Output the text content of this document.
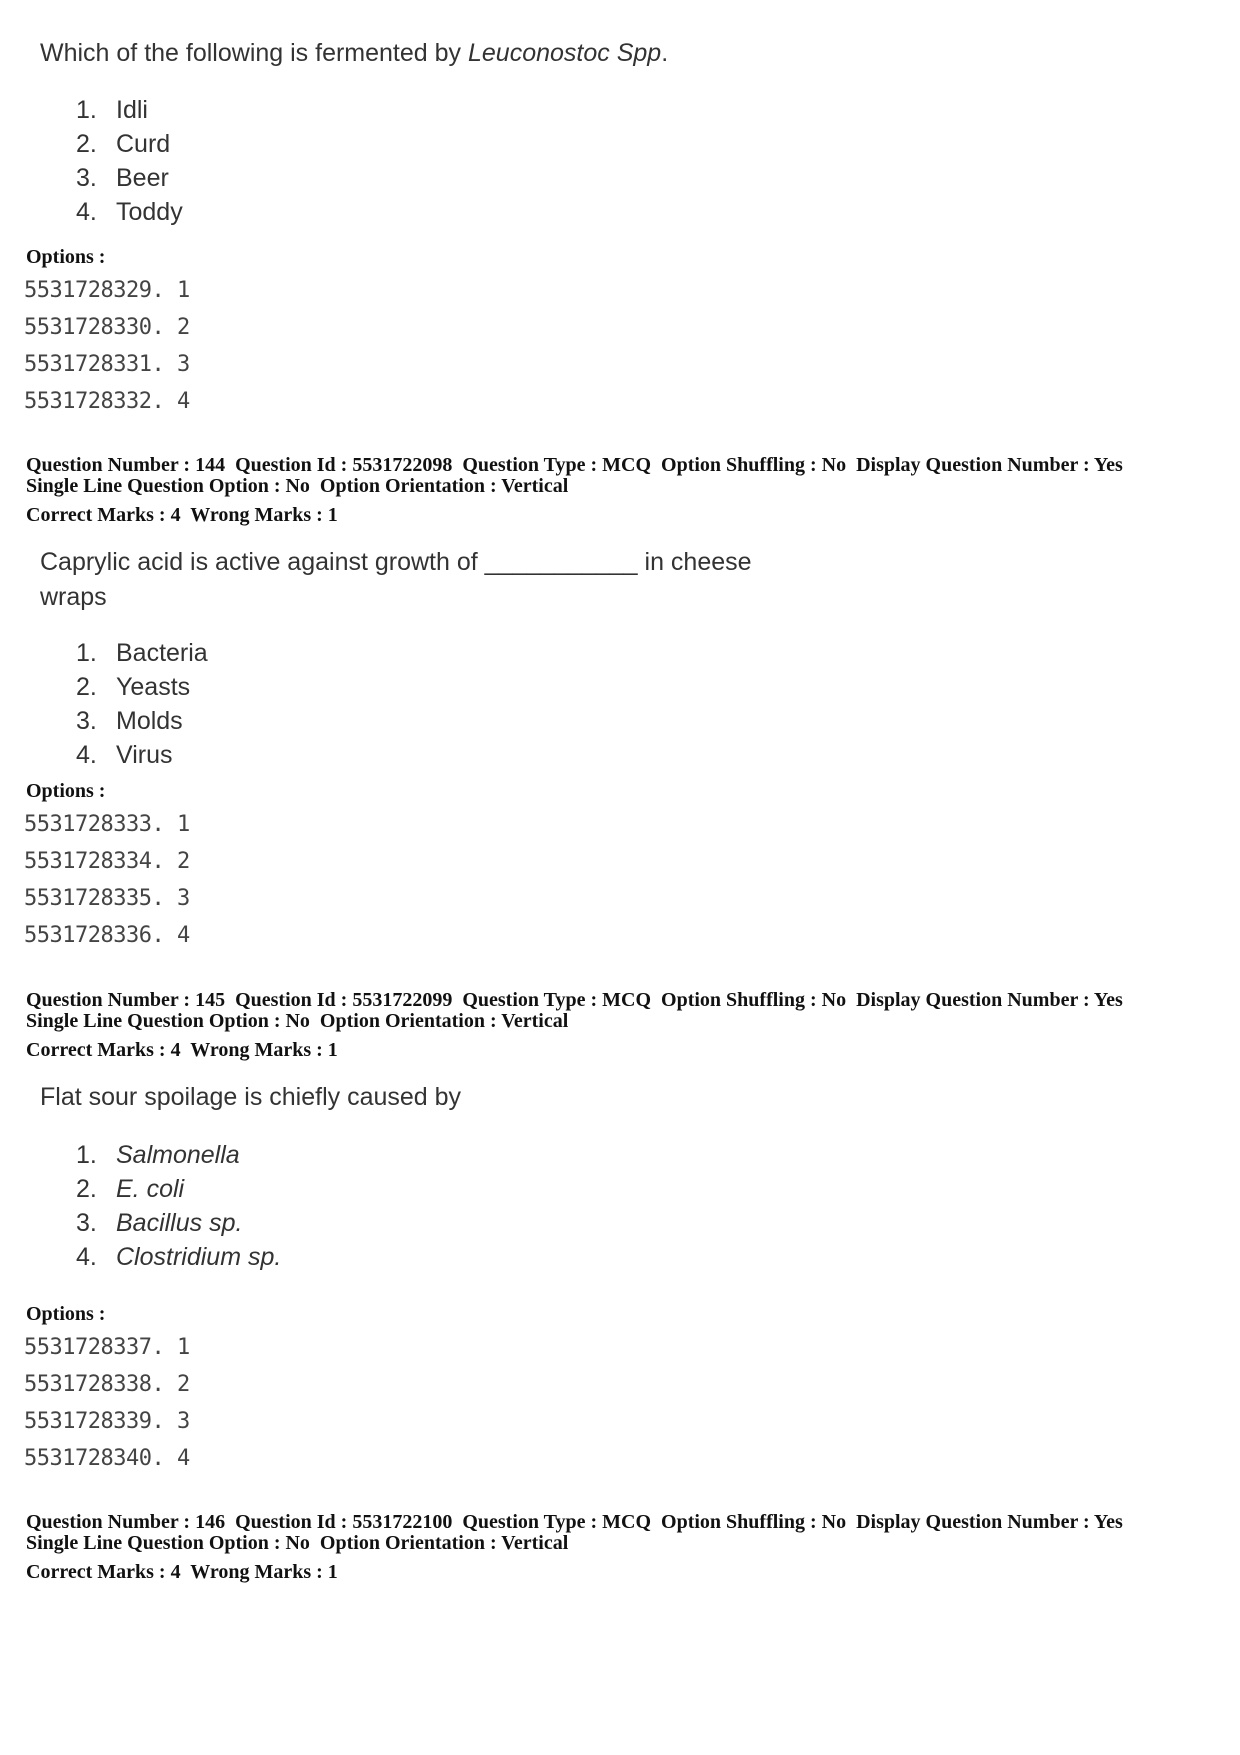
Which of the following is fermented by Leuconostoc Spp.

1. Idli
2. Curd
3. Beer
4. Toddy

Options :

5531728329. 1
5531728330. 2
5531728331. 3
5531728332. 4

Question Number : 144  Question Id : 5531722098  Question Type : MCQ  Option Shuffling : No  Display Question Number : Yes

Single Line Question Option : No  Option Orientation : Vertical

Correct Marks : 4  Wrong Marks : 1

Caprylic acid is active against growth of ___________ in cheese

wraps

1. Bacteria
2. Yeasts
3. Molds
4. Virus

Options :

5531728333. 1
5531728334. 2
5531728335. 3
5531728336. 4

Question Number : 145  Question Id : 5531722099  Question Type : MCQ  Option Shuffling : No  Display Question Number : Yes

Single Line Question Option : No  Option Orientation : Vertical

Correct Marks : 4  Wrong Marks : 1

Flat sour spoilage is chiefly caused by

1. Salmonella
2. E. coli
3. Bacillus sp.
4. Clostridium sp.

Options :

5531728337. 1
5531728338. 2
5531728339. 3
5531728340. 4

Question Number : 146  Question Id : 5531722100  Question Type : MCQ  Option Shuffling : No  Display Question Number : Yes

Single Line Question Option : No  Option Orientation : Vertical

Correct Marks : 4  Wrong Marks : 1
